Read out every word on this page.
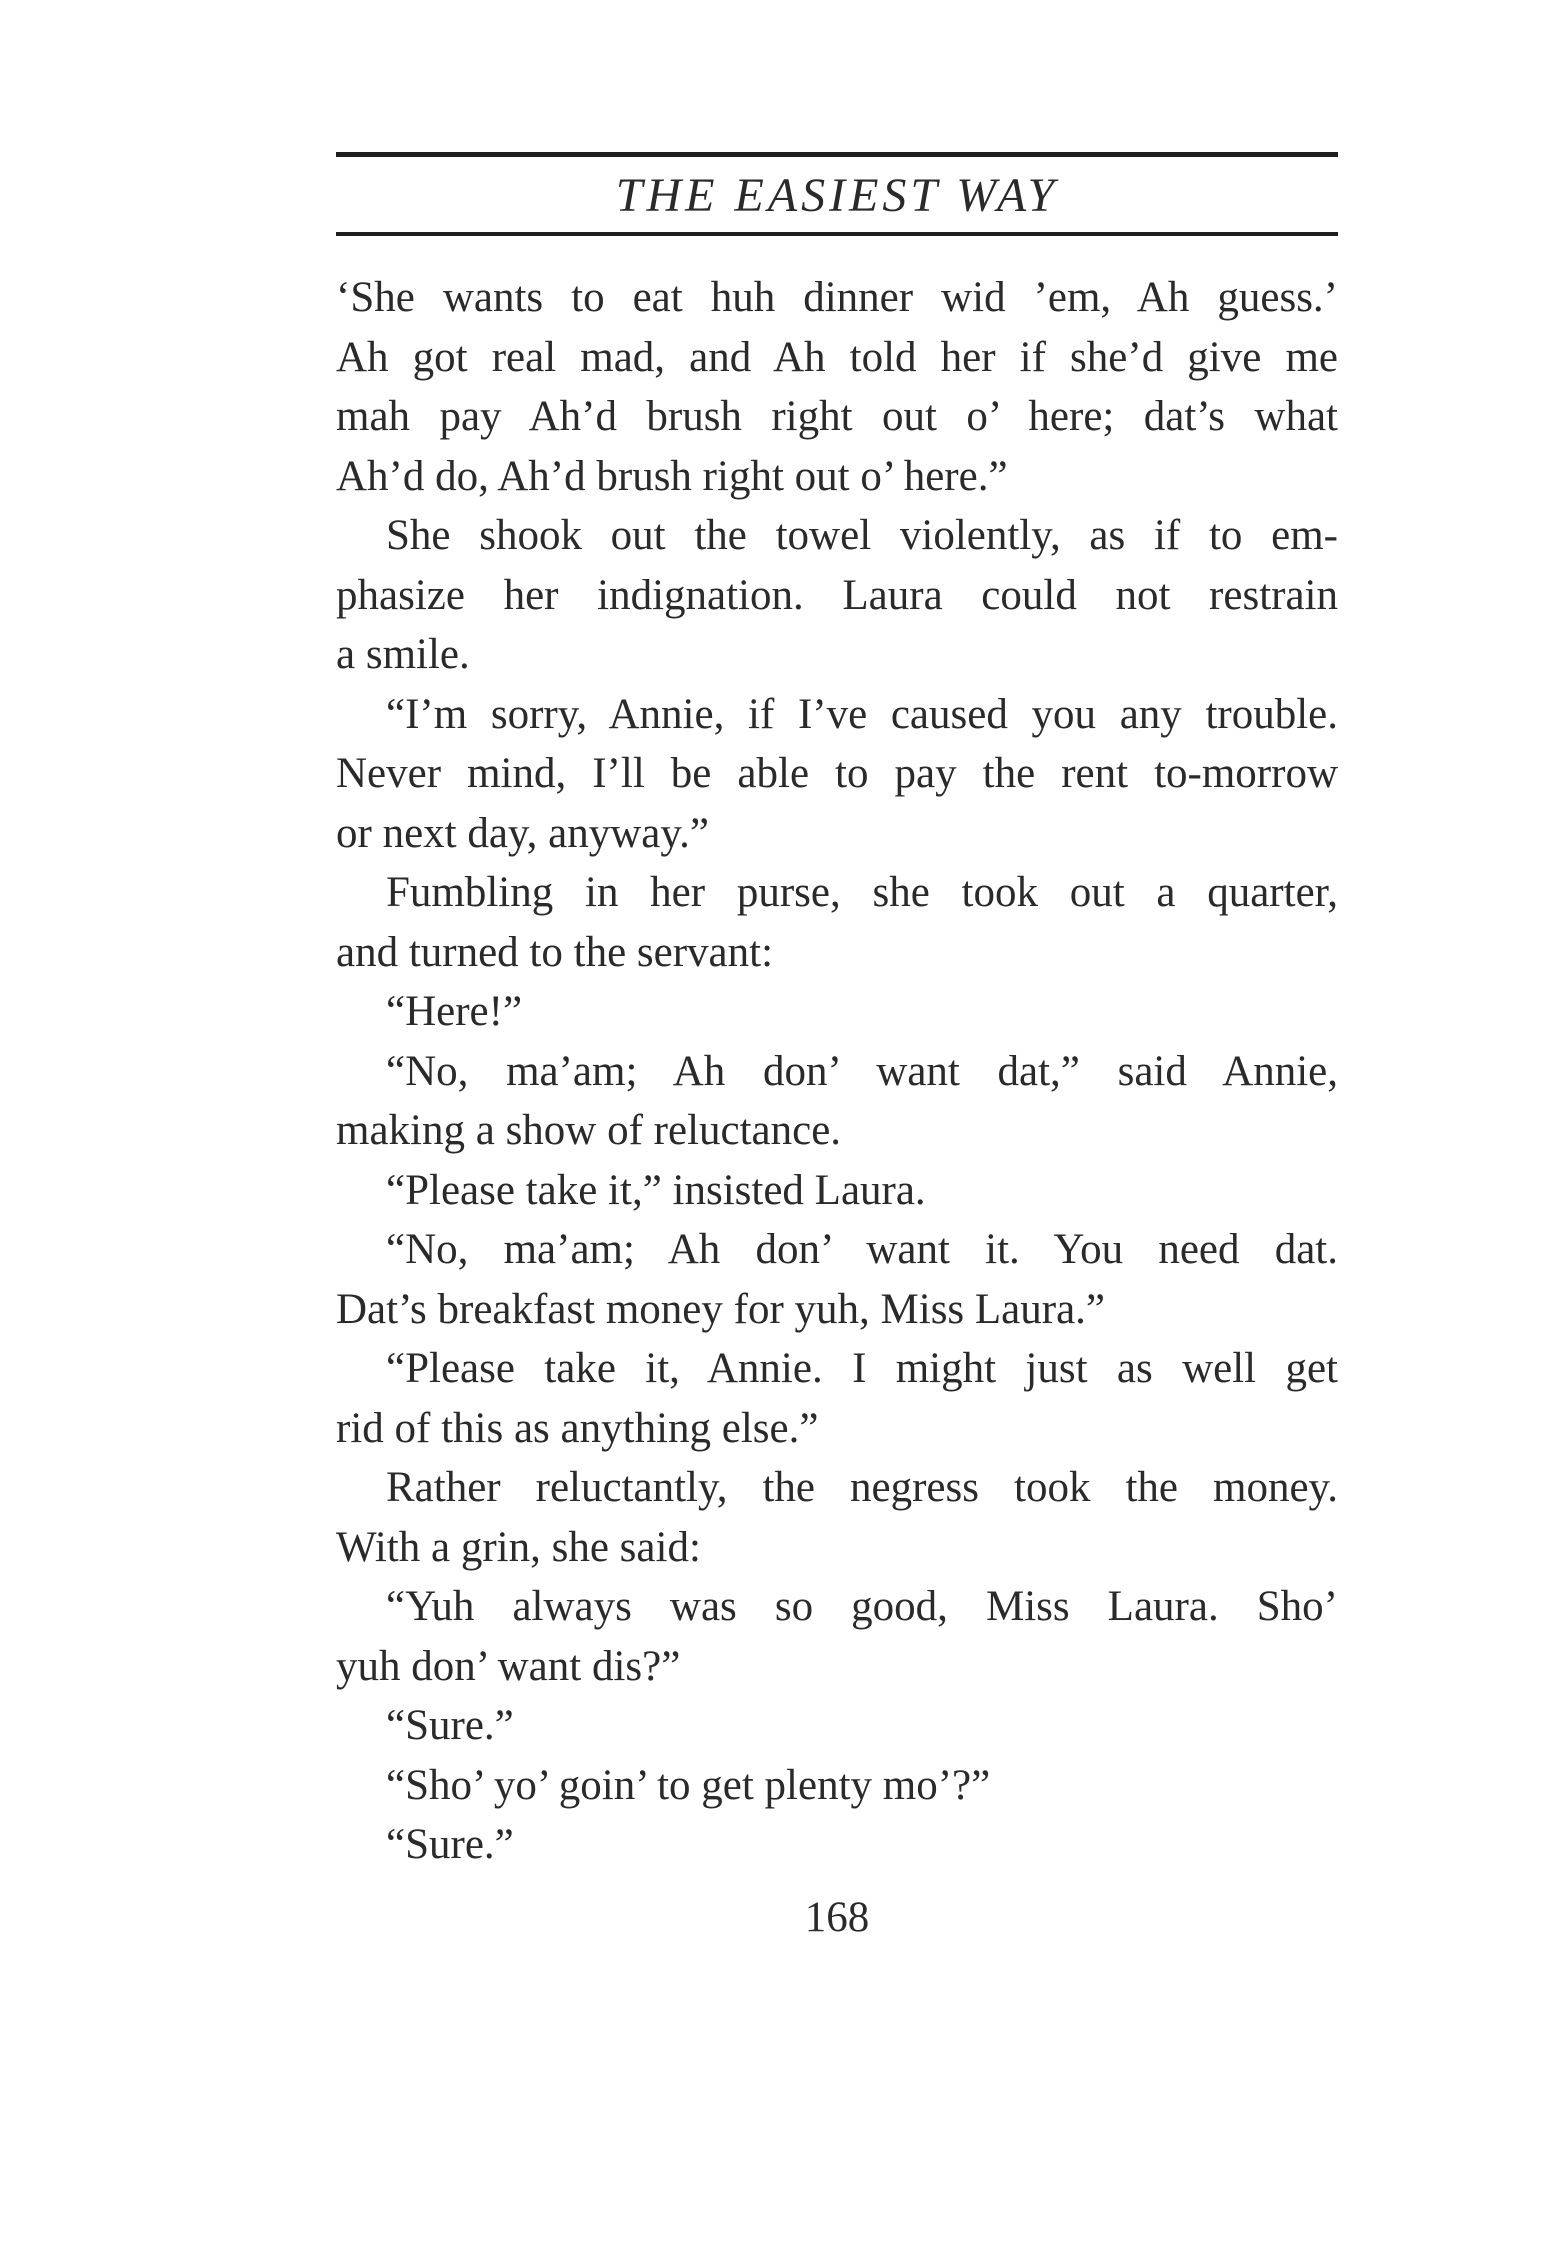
THE EASIEST WAY
‘She wants to eat huh dinner wid ’em, Ah guess.’
Ah got real mad, and Ah told her if she’d give me
mah pay Ah’d brush right out o’ here; dat’s what
Ah’d do, Ah’d brush right out o’ here.”
She shook out the towel violently, as if to em-
phasize her indignation. Laura could not restrain
a smile.
“I’m sorry, Annie, if I’ve caused you any trouble.
Never mind, I’ll be able to pay the rent to-morrow
or next day, anyway.”
Fumbling in her purse, she took out a quarter,
and turned to the servant:
“Here!”
“No, ma’am; Ah don’ want dat,” said Annie,
making a show of reluctance.
“Please take it,” insisted Laura.
“No, ma’am; Ah don’ want it. You need dat.
Dat’s breakfast money for yuh, Miss Laura.”
“Please take it, Annie. I might just as well get
rid of this as anything else.”
Rather reluctantly, the negress took the money.
With a grin, she said:
“Yuh always was so good, Miss Laura. Sho’
yuh don’ want dis?”
“Sure.”
“Sho’ yo’ goin’ to get plenty mo’?”
“Sure.”
168
